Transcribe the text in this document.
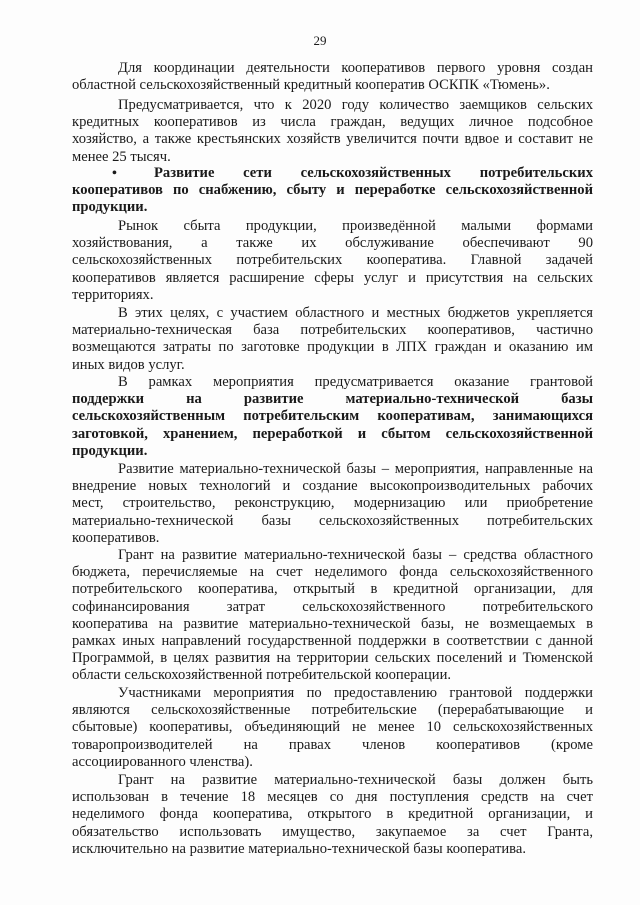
29
Для координации деятельности кооперативов первого уровня создан
областной сельскохозяйственный кредитный кооператив ОСКПК «Тюмень».
Предусматривается, что к 2020 году количество заемщиков сельских
кредитных кооперативов из числа граждан, ведущих личное подсобное
хозяйство, а также крестьянских хозяйств увеличится почти вдвое и составит не
менее 25 тысяч.
•	Развитие сети сельскохозяйственных потребительских
кооперативов по снабжению, сбыту и переработке сельскохозяйственной
продукции.
Рынок сбыта продукции, произведённой малыми формами
хозяйствования, а также их обслуживание обеспечивают 90
сельскохозяйственных потребительских кооператива. Главной задачей
кооперативов является расширение сферы услуг и присутствия на сельских
территориях.
В этих целях, с участием областного и местных бюджетов укрепляется
материально-техническая база потребительских кооперативов, частично
возмещаются затраты по заготовке продукции в ЛПХ граждан и оказанию им
иных видов услуг.
В рамках мероприятия предусматривается оказание грантовой
поддержки на развитие материально-технической базы
сельскохозяйственным потребительским кооперативам, занимающихся
заготовкой, хранением, переработкой и сбытом сельскохозяйственной
продукции.
Развитие материально-технической базы – мероприятия, направленные на
внедрение новых технологий и создание высокопроизводительных рабочих
мест, строительство, реконструкцию, модернизацию или приобретение
материально-технической базы сельскохозяйственных потребительских
кооперативов.
Грант на развитие материально-технической базы – средства областного
бюджета, перечисляемые на счет неделимого фонда сельскохозяйственного
потребительского кооператива, открытый в кредитной организации, для
софинансирования затрат сельскохозяйственного потребительского
кооператива на развитие материально-технической базы, не возмещаемых в
рамках иных направлений государственной поддержки в соответствии с данной
Программой, в целях развития на территории сельских поселений и Тюменской
области сельскохозяйственной потребительской кооперации.
Участниками мероприятия по предоставлению грантовой поддержки
являются сельскохозяйственные потребительские (перерабатывающие и
сбытовые) кооперативы, объединяющий не менее 10 сельскохозяйственных
товаропроизводителей на правах членов кооперативов (кроме
ассоциированного членства).
Грант на развитие материально-технической базы должен быть
использован в течение 18 месяцев со дня поступления средств на счет
неделимого фонда кооператива, открытого в кредитной организации, и
обязательство использовать имущество, закупаемое за счет Гранта,
исключительно на развитие материально-технической базы кооператива.
